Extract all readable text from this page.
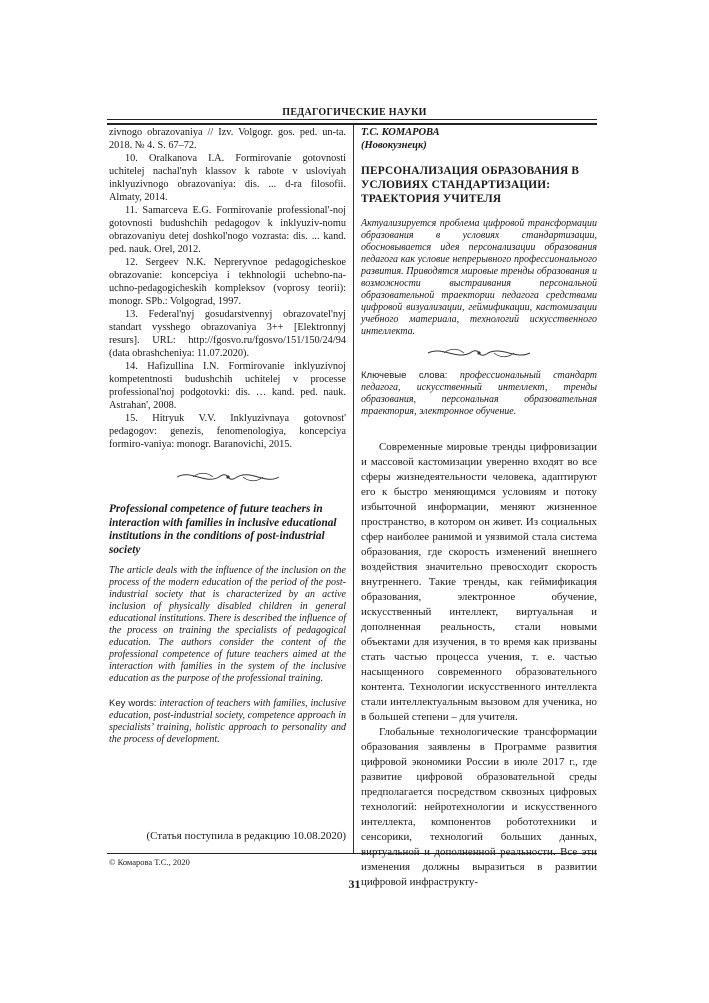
ПЕДАГОГИЧЕСКИЕ НАУКИ

zivnogo obrazovaniya // Izv. Volgogr. gos. ped. un-ta. 2018. № 4. S. 67–72.

10. Oralkanova I.A. Formirovanie gotovnosti uchitelej nachal'nyh klassov k rabote v usloviyah inklyuzivnogo obrazovaniya: dis. ... d-ra filosofii. Almaty, 2014.

11. Samarceva E.G. Formirovanie professional'-noj gotovnosti budushchih pedagogov k inklyuziv-nomu obrazovaniyu detej doshkol'nogo vozrasta: dis. ... kand. ped. nauk. Orel, 2012.

12. Sergeev N.K. Nepreryvnoe pedagogicheskoe obrazovanie: koncepciya i tekhnologii uchebno-na-uchno-pedagogicheskih kompleksov (voprosy teorii): monogr. SPb.: Volgograd, 1997.

13. Federal'nyj gosudarstvennyj obrazovatel'nyj standart vysshego obrazovaniya 3++ [Elektronnyj resurs]. URL: http://fgosvo.ru/fgosvo/151/150/24/94 (data obrashcheniya: 11.07.2020).

14. Hafizullina I.N. Formirovanie inklyuzivnoj kompetentnosti budushchih uchitelej v processe professional'noj podgotovki: dis. … kand. ped. nauk. Astrahan', 2008.

15. Hitryuk V.V. Inklyuzivnaya gotovnost' pedagogov: genezis, fenomenologiya, koncepciya formiro-vaniya: monogr. Baranovichi, 2015.

Professional competence of future teachers in interaction with families in inclusive educational institutions in the conditions of post-industrial society

The article deals with the influence of the inclusion on the process of the modern education of the period of the post-industrial society that is characterized by an active inclusion of physically disabled children in general educational institutions. There is described the influence of the process on training the specialists of pedagogical education. The authors consider the content of the professional competence of future teachers aimed at the interaction with families in the system of the inclusive education as the purpose of the professional training.

Key words: interaction of teachers with families, inclusive education, post-industrial society, competence approach in specialists’ training, holistic approach to personality and the process of development.

(Статья поступила в редакцию 10.08.2020)

Т.С. КОМАРОВА

(Новокузнецк)

ПЕРСОНАЛИЗАЦИЯ ОБРАЗОВАНИЯ В УСЛОВИЯХ СТАНДАРТИЗАЦИИ: ТРАЕКТОРИЯ УЧИТЕЛЯ

Актуализируется проблема цифровой трансформации образования в условиях стандартизации, обосновывается идея персонализации образования педагога как условие непрерывного профессионального развития. Приводятся мировые тренды образования и возможности выстраивания персональной образовательной траектории педагога средствами цифровой визуализации, геймификации, кастомизации учебного материала, технологий искусственного интеллекта.

Ключевые слова: профессиональный стандарт педагога, искусственный интеллект, тренды образования, персональная образовательная траектория, электронное обучение.

Современные мировые тренды цифровизации и массовой кастомизации уверенно входят во все сферы жизнедеятельности человека, адаптируют его к быстро меняющимся условиям и потоку избыточной информации, меняют жизненное пространство, в котором он живет. Из социальных сфер наиболее ранимой и уязвимой стала система образования, где скорость изменений внешнего воздействия значительно превосходит скорость внутреннего. Такие тренды, как геймификация образования, электронное обучение, искусственный интеллект, виртуальная и дополненная реальность, стали новыми объектами для изучения, в то время как призваны стать частью процесса учения, т. е. частью насыщенного современного образовательного контента. Технологии искусственного интеллекта стали интеллектуальным вызовом для ученика, но в большей степени – для учителя.

Глобальные технологические трансформации образования заявлены в Программе развития цифровой экономики России в июле 2017 г., где развитие цифровой образовательной среды предполагается посредством сквозных цифровых технологий: нейротехнологии и искусственного интеллекта, компонентов робототехники и сенсорики, технологий больших данных, виртуальной и дополненной реальности. Все эти изменения должны выразиться в развитии цифровой инфраструкту-

© Комарова Т.С., 2020
31
